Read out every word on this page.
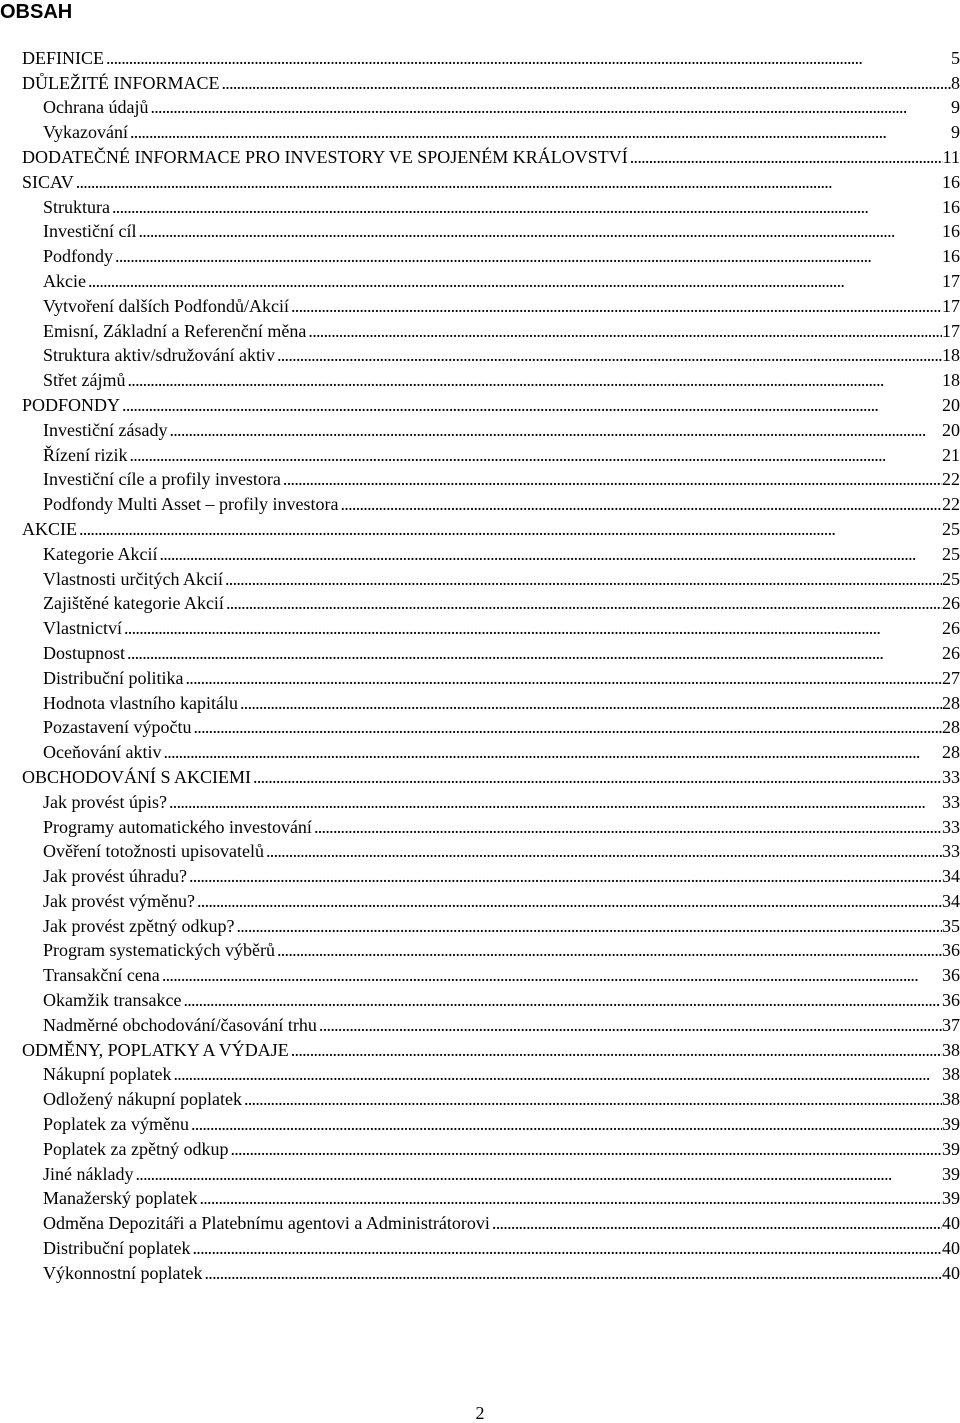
OBSAH
DEFINICE . . .	5
DŮLEŽITÉ INFORMACE . . .	8
Ochrana údajů . . .	9
Vykazování . . .	9
DODATEČNÉ INFORMACE PRO INVESTORY VE SPOJENÉM KRÁLOVSTVÍ . . .	11
SICAV . . .	16
Struktura . . .	16
Investiční cíl . . .	16
Podfondy . . .	16
Akcie . . .	17
Vytvoření dalších Podfondů/Akcií . . .	17
Emisní, Základní a Referenční měna . . .	17
Struktura aktiv/sdružování aktiv . . .	18
Střet zájmů . . .	18
PODFONDY . . .	20
Investiční zásady . . .	20
Řízení rizik . . .	21
Investiční cíle a profily investora . . .	22
Podfondy Multi Asset – profily investora . . .	22
AKCIE . . .	25
Kategorie Akcií . . .	25
Vlastnosti určitých Akcií . . .	25
Zajištěné kategorie Akcií . . .	26
Vlastnictví . . .	26
Dostupnost . . .	26
Distribuční politika . . .	27
Hodnota vlastního kapitálu . . .	28
Pozastavení výpočtu . . .	28
Oceňování aktiv . . .	28
OBCHODOVÁNÍ S AKCIEMI . . .	33
Jak provést úpis? . . .	33
Programy automatického investování . . .	33
Ověření totožnosti upisovatelů . . .	33
Jak provést úhradu? . . .	34
Jak provést výměnu? . . .	34
Jak provést zpětný odkup? . . .	35
Program systematických výběrů . . .	36
Transakční cena . . .	36
Okamžik transakce . . .	36
Nadměrné obchodování/časování trhu . . .	37
ODMĚNY, POPLATKY A VÝDAJE . . .	38
Nákupní poplatek . . .	38
Odložený nákupní poplatek . . .	38
Poplatek za výměnu . . .	39
Poplatek za zpětný odkup . . .	39
Jiné náklady . . .	39
Manažerský poplatek . . .	39
Odměna Depozitáři a Platebnímu agentovi a Administrátorovi . . .	40
Distribuční poplatek . . .	40
Výkonnostní poplatek . . .	40
2
